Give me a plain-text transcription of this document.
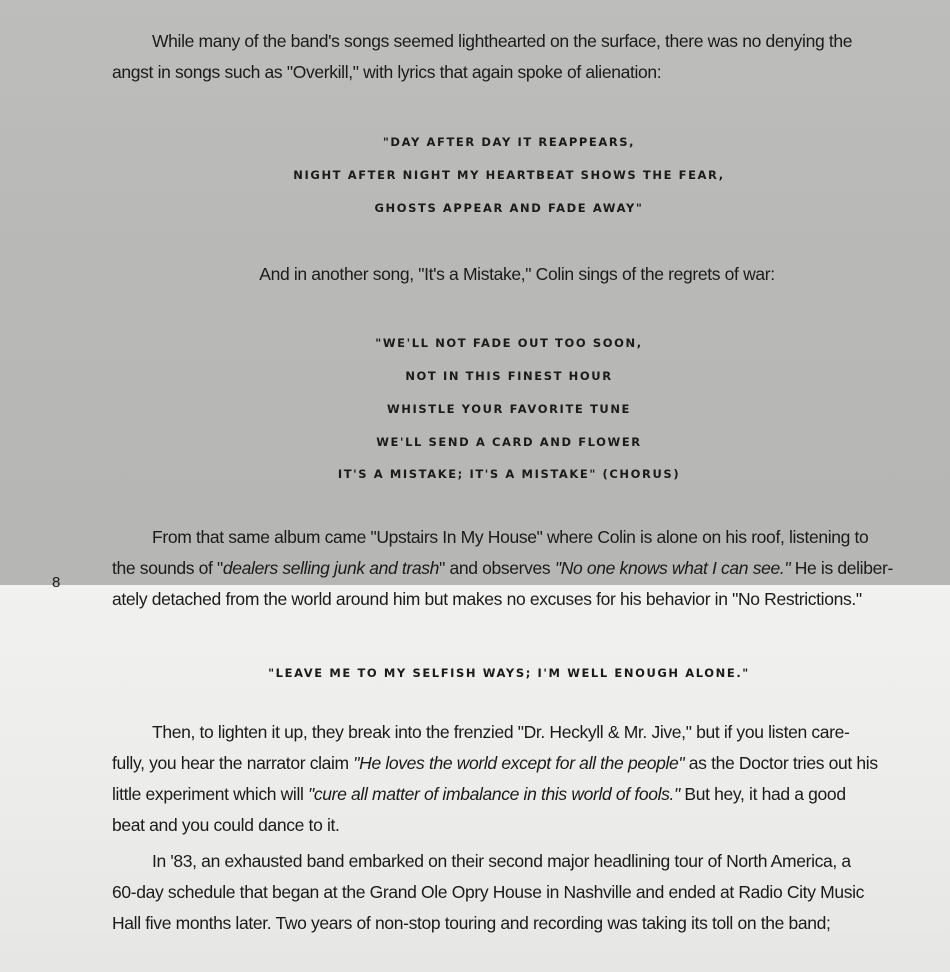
While many of the band's songs seemed lighthearted on the surface, there was no denying the
angst in songs such as "Overkill," with lyrics that again spoke of alienation:

"DAY AFTER DAY IT REAPPEARS,
NIGHT AFTER NIGHT MY HEARTBEAT SHOWS THE FEAR,
GHOSTS APPEAR AND FADE AWAY"
And in another song, "It's a Mistake," Colin sings of the regrets of war:
"WE'LL NOT FADE OUT TOO SOON,
NOT IN THIS FINEST HOUR
WHISTLE YOUR FAVORITE TUNE
WE'LL SEND A CARD AND FLOWER
IT'S A MISTAKE; IT'S A MISTAKE" (CHORUS)

From that same album came "Upstairs In My House" where Colin is alone on his roof, listening to
the sounds of "dealers selling junk and trash" and observes "No one knows what I can see." He is deliber-
ately detached from the world around him but makes no excuses for his behavior in "No Restrictions."

8
"LEAVE ME TO MY SELFISH WAYS; I'M WELL ENOUGH ALONE."

Then, to lighten it up, they break into the frenzied "Dr. Heckyll & Mr. Jive," but if you listen care-
fully, you hear the narrator claim "He loves the world except for all the people" as the Doctor tries out his
little experiment which will "cure all matter of imbalance in this world of fools." But hey, it had a good
beat and you could dance to it.

In '83, an exhausted band embarked on their second major headlining tour of North America, a
60-day schedule that began at the Grand Ole Opry House in Nashville and ended at Radio City Music
Hall five months later. Two years of non-stop touring and recording was taking its toll on the band;
